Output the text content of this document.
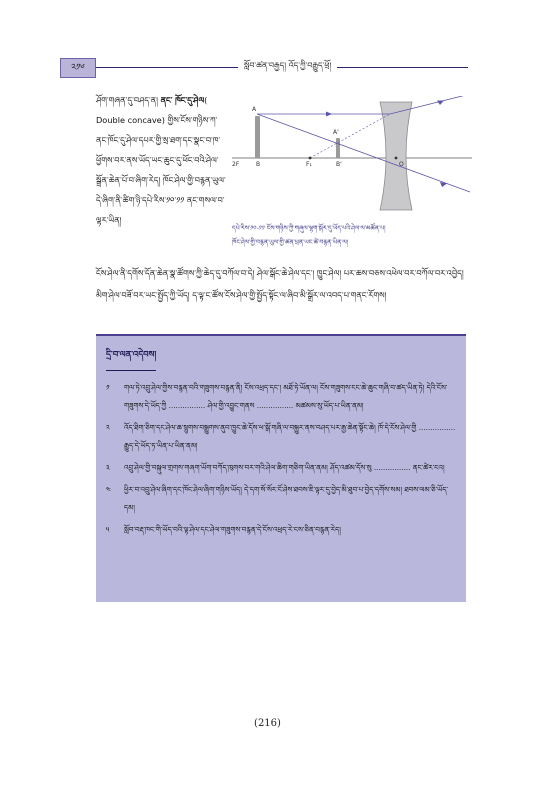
༢༡༦	སློབ་ཚན་བརྒྱད། འོད་ཀྱི་བརྒྱུད་ཕྲོ།
ཤོག་གཞན་དུ་བཤད་ན། ནང་ ཁོང་དུ་ཤེལ( Double concave) གྱིས་ངོས་གཉིས་ཀ་ནང་ཁོང་དུ་ཤེལ་དཔར་གྱི་སྲ་ཐག་དང་སྣང་བ་ཁ་ཕྱོགས་བར་ནས་ཡོད་ཡང་ཆུང་དུ་ཕོང་བའི་ཤེལ་སྒྲོན་ཆེན་པོ་བ་ཞིག་རེད། ཁོང་ཤེལ་གྱི་བརྙན་ཡུལ་དེ་ཞིག་ནི་ཚིག་ཉི་དཔེ་རིས་༡༠་༡༡ ནང་གསལ་བ་ལྟར་ཡིན།
A
B
A'
B'
2F	F₁	O
དཔེ་རིས་༡༠-༡༡ ངོས་གཉིས་ཀྱི་གཞུལ་ལྷག་སྐོར་དུ་ཡོད་པའི་ཤེལ་ལ་མཚོན་པ།
ཁོང་ཤེལ་གྱི་བརྙན་ཡུལ་གྱི་ཚན་ཕྲན་ཡང་ཚེ་བརྙན་ཡིན་ལ།
ངོས་ཤེལ་ནི་དགོས་དོན་ཆེན་སྣ་ཚོགས་ཀྱི་ཆེད་དུ་བཀོལ་བ་དེ། ཤེལ་སྒོང་ཆེ་ཤེལ་དང་། ཁྱུང་ཤེལ། པར་ཆས་བཅས་འཕེལ་བར་བཀོལ་བར་འབྱེད། མིག་ཤེལ་བཟོ་བར་ཡང་སྤྱོད་ཀྱི་ཡོད། ད་ལྟ་ང་ཚོས་ངོས་ཤེལ་གྱི་སྤྱོད་སྟོང་ལ་ཞིབ་མི་སྒྲོར་ལ་འབད་པ་གནང་རོགས།
དྲི་བ་ལན་འདེབས།
༡	གལ་ཏེ་འབྲུ་ཤེལ་གྱིས་བརྙན་བའི་གཟུགས་བརྙན་ནི། ངོས་འཕྲད་དང་། མཐོ་ཏེ་ཡོན་ལ། ངོས་གཟུགས་ངང་ཆེ་ཆུང་གཞི་བ་ཚད་ཡིན་ཏེ། དེའི་ངོས་གཟུགས་དེ་ཡོད་ཀྱི ................ ཤེལ་གྱི་འབྱུང་གནས ................ མཚམས་སུ་ཡོད་པ་ཡིན་ནམ།
༢	འོད་ཐིག་ཅིག་དང་ཤེལ་ཆ་སྙུགས་བསྒྱུགས་ནུབ་ཁྱུང་ཆེ་དོས་ཕ་སྒོ་གཞི་ལ་བསྐྱུར་ནས་བཤད་པར་རྒྱ་ཆེན་སྟོང་ཆེ། ཁོ་དེ་ངོས་ཤེལ་གྱི ................ རྒྱུད་དེ་ཡོད་ཏ་ཡིན་པ་ཡིན་ནམ།
༣	འབྲུ་ཤེལ་གྱི་བསྐུལ་གྲགས་གཞག་ཡོག་བཀོད་ཁུགས་བར་གའི་ཤེལ་ཆིག་གཅིག་ཡིན་ནམ། ཤོད་འཚམ་དོས་སུ ................ ནང་ཚེར་ངའ།
༤	ཕྱིར་བ་འབྲུ་ཤེལ་ཞིག་དང་ཁོང་ཤེལ་ཞིག་གཉིས་ཡོད། དེ་དག་སོ་སོར་ངོ་ཤེས་ཐབས་ཇི་ལྟར་དུ་བྱེད་མི་ཐུབ་པ་བྱེད་དགོས་སམ། ཐབས་ལམ་ཅི་ཡོད་དམ།
༥	སློབ་བརྡ་ཁང་གི་ཡོད་བའི་ལྟ་ཤེལ་དང་ཤེལ་གཟུགས་བརྙན་དེ་ངོས་འཕྲད་རེ་ངས་ཅིན་བརྙན་རེད།
(216)
